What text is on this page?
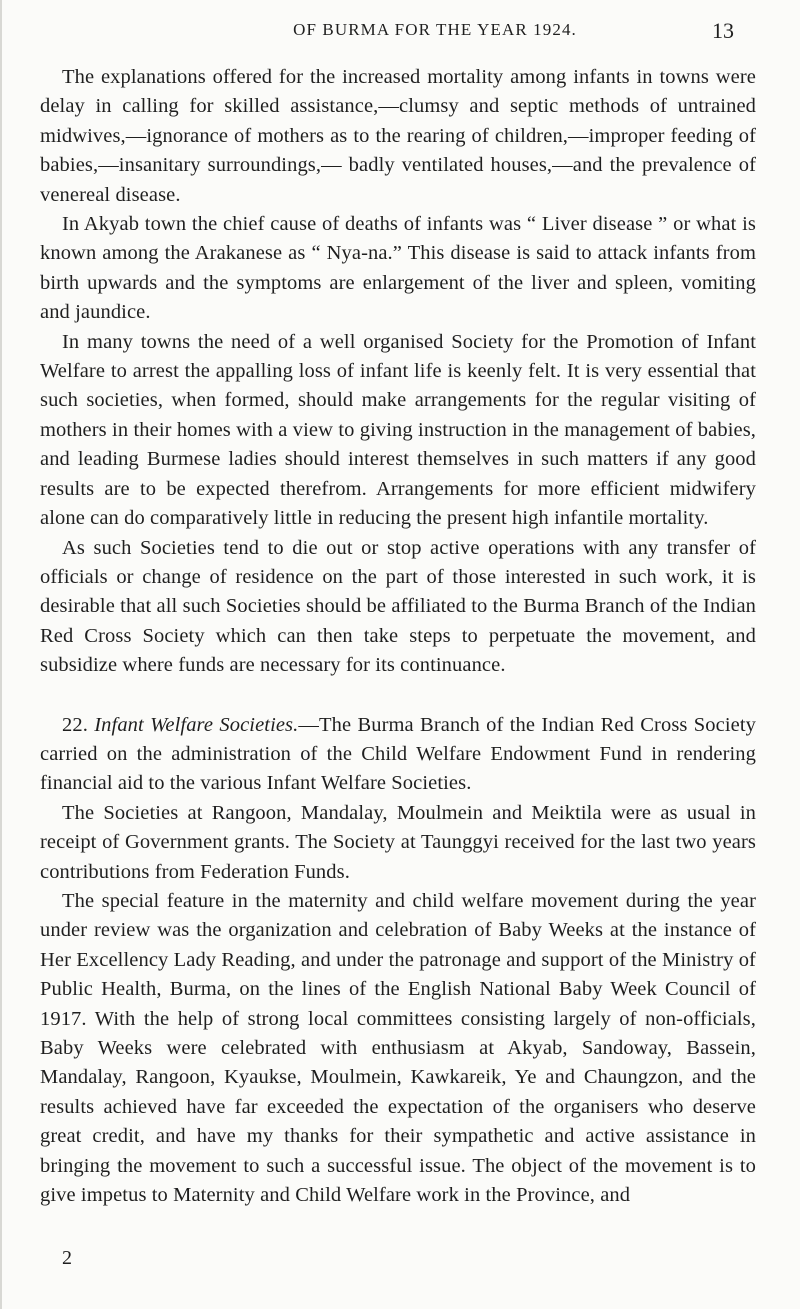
OF BURMA FOR THE YEAR 1924.	13

The explanations offered for the increased mortality among infants in towns were delay in calling for skilled assistance,—clumsy and septic methods of untrained midwives,—ignorance of mothers as to the rearing of children,—improper feeding of babies,—insanitary surroundings,— badly ventilated houses,—and the prevalence of venereal disease.

In Akyab town the chief cause of deaths of infants was “ Liver disease ” or what is known among the Arakanese as “ Nya-na.” This disease is said to attack infants from birth upwards and the symptoms are enlargement of the liver and spleen, vomiting and jaundice.

In many towns the need of a well organised Society for the Promotion of Infant Welfare to arrest the appalling loss of infant life is keenly felt. It is very essential that such societies, when formed, should make arrangements for the regular visiting of mothers in their homes with a view to giving instruction in the management of babies, and leading Burmese ladies should interest themselves in such matters if any good results are to be expected therefrom. Arrangements for more efficient midwifery alone can do comparatively little in reducing the present high infantile mortality.

As such Societies tend to die out or stop active operations with any transfer of officials or change of residence on the part of those interested in such work, it is desirable that all such Societies should be affiliated to the Burma Branch of the Indian Red Cross Society which can then take steps to perpetuate the movement, and subsidize where funds are necessary for its continuance.

22. Infant Welfare Societies.—The Burma Branch of the Indian Red Cross Society carried on the administration of the Child Welfare Endowment Fund in rendering financial aid to the various Infant Welfare Societies.

The Societies at Rangoon, Mandalay, Moulmein and Meiktila were as usual in receipt of Government grants. The Society at Taunggyi received for the last two years contributions from Federation Funds.

The special feature in the maternity and child welfare movement during the year under review was the organization and celebration of Baby Weeks at the instance of Her Excellency Lady Reading, and under the patronage and support of the Ministry of Public Health, Burma, on the lines of the English National Baby Week Council of 1917. With the help of strong local committees consisting largely of non-officials, Baby Weeks were celebrated with enthusiasm at Akyab, Sandoway, Bassein, Mandalay, Rangoon, Kyaukse, Moulmein, Kawkareik, Ye and Chaungzon, and the results achieved have far exceeded the expectation of the organisers who deserve great credit, and have my thanks for their sympathetic and active assistance in bringing the movement to such a successful issue. The object of the movement is to give impetus to Maternity and Child Welfare work in the Province, and

2
